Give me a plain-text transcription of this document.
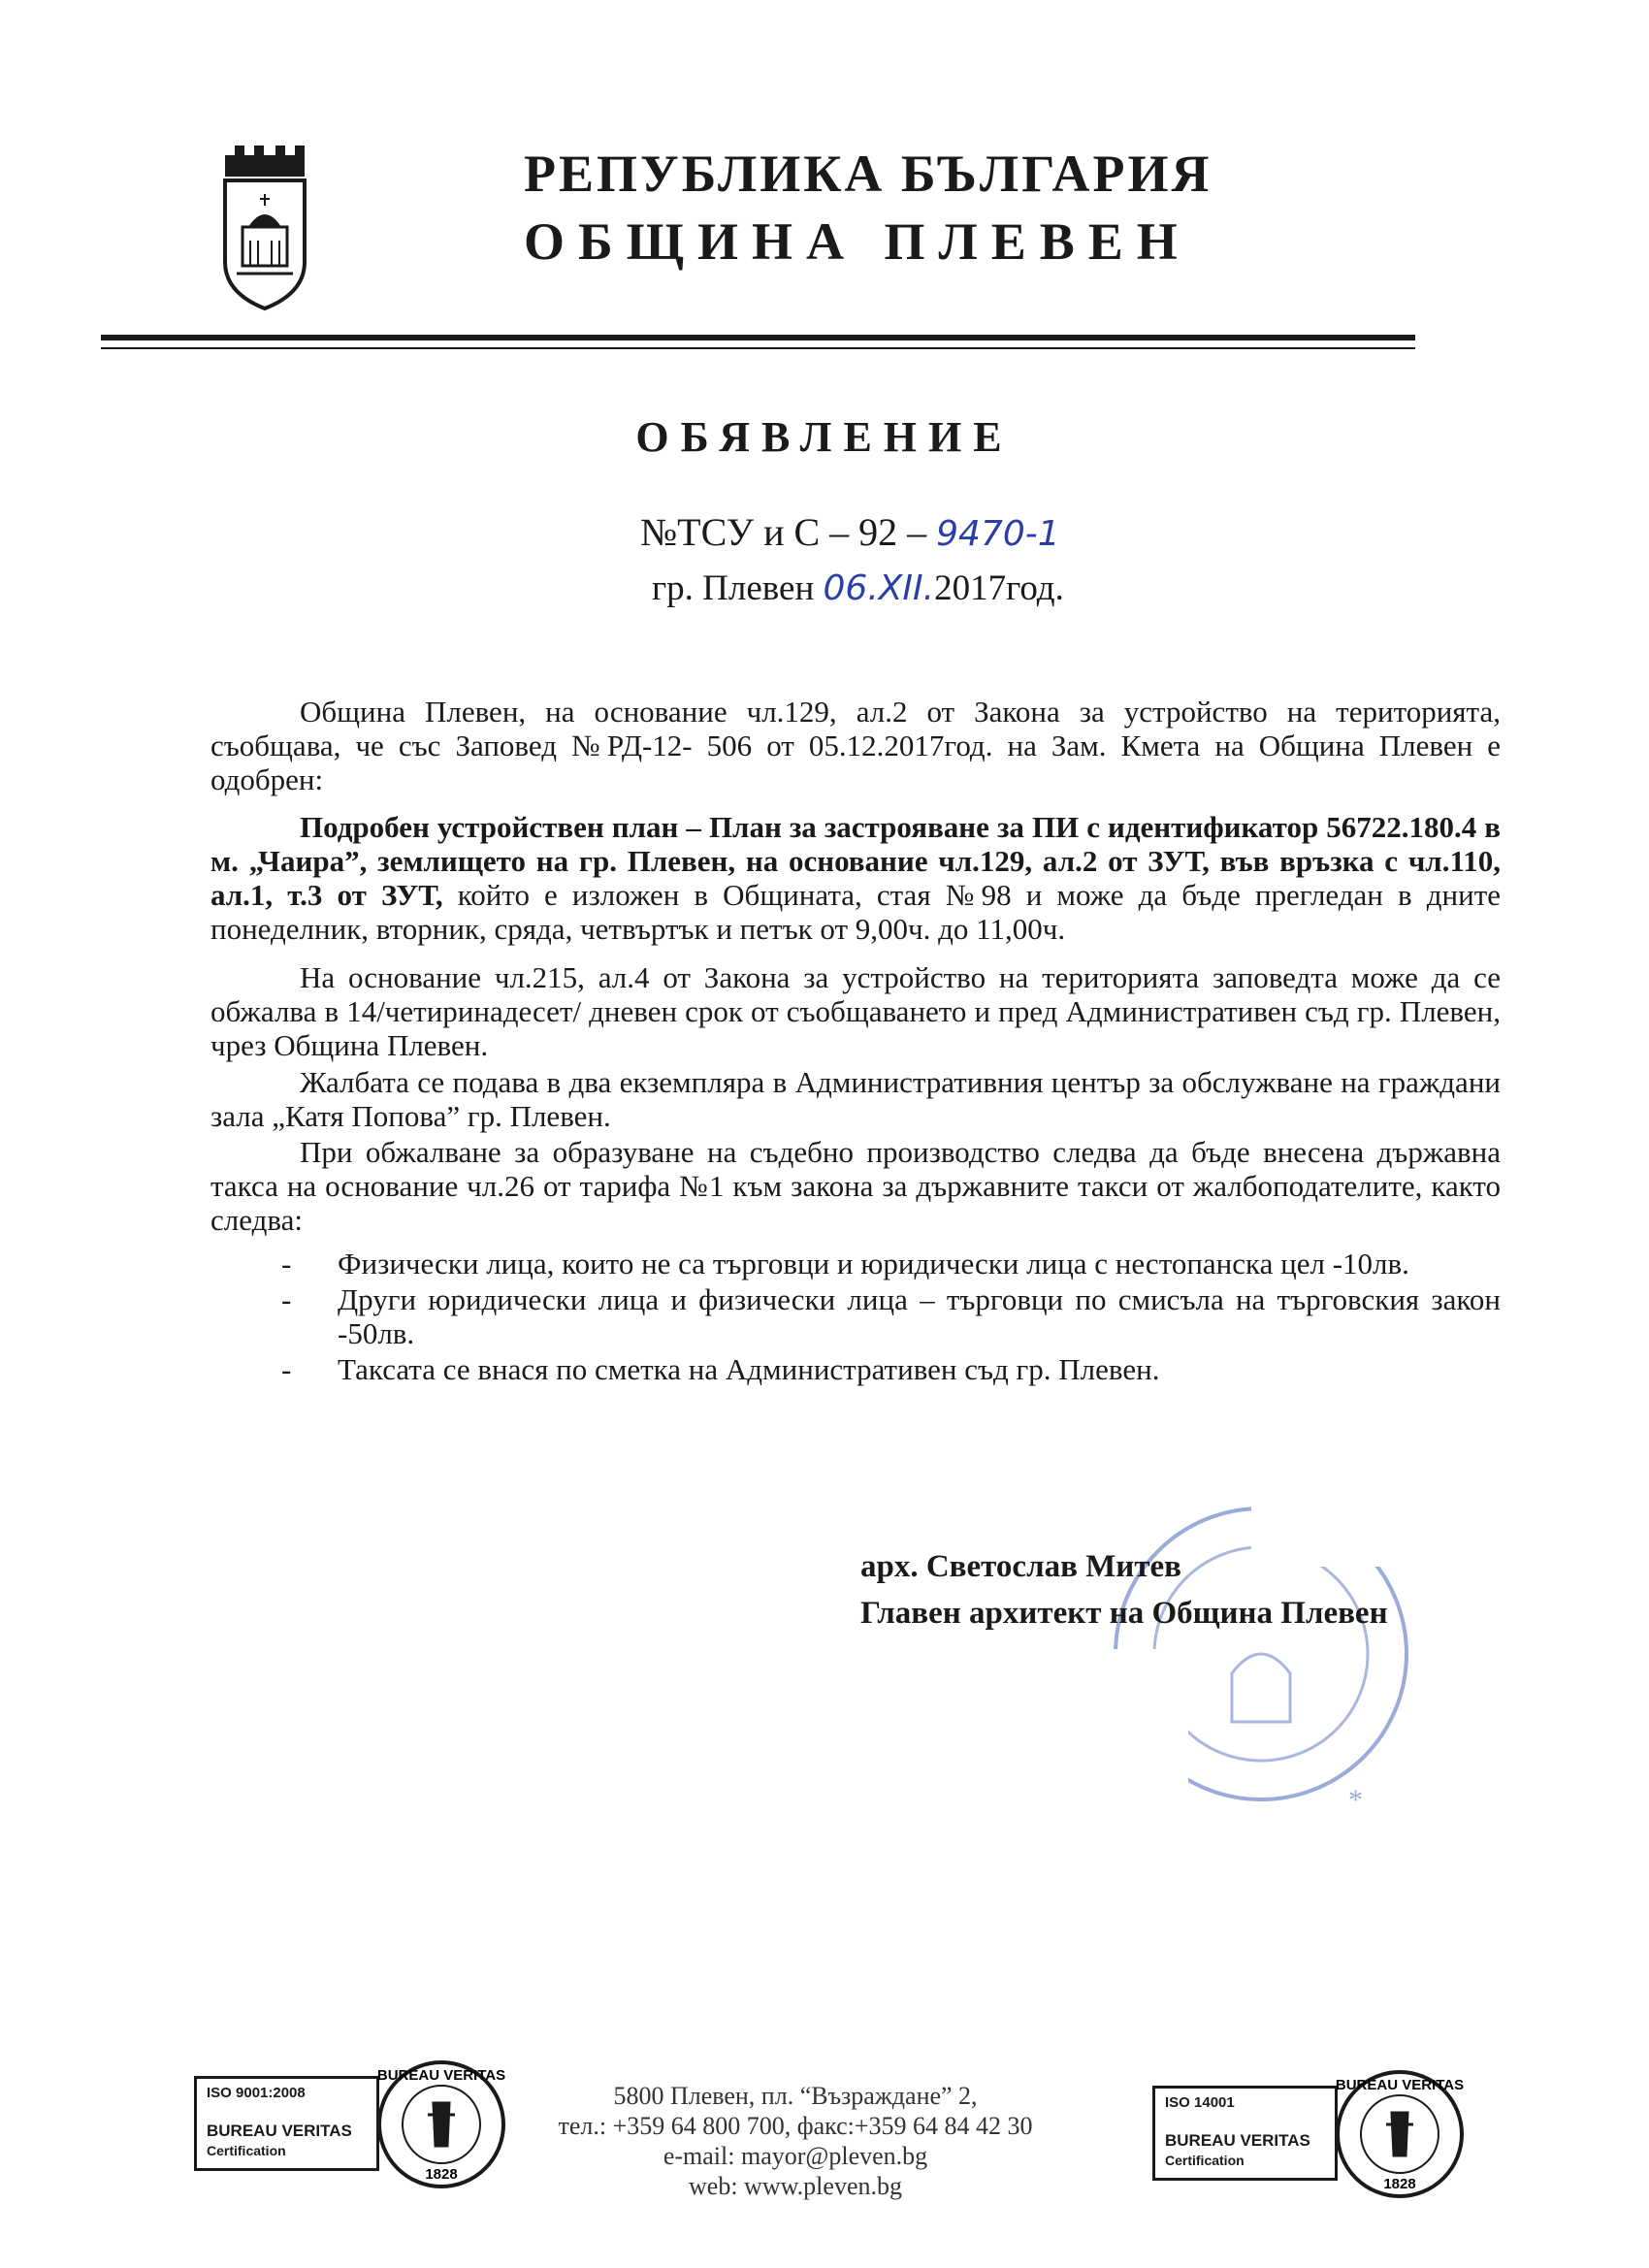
РЕПУБЛИКА БЪЛГАРИЯ
ОБЩИНА ПЛЕВЕН
ОБЯВЛЕНИЕ
№ТСУ и С – 92 – 9470-1
гр. Плевен 06.XII.2017год.
Община Плевен, на основание чл.129, ал.2 от Закона за устройство на територията, съобщава, че със Заповед №РД-12- 506 от 05.12.2017год. на Зам. Кмета на Община Плевен е одобрен:
Подробен устройствен план – План за застрояване за ПИ с идентификатор 56722.180.4 в м. „Чаира”, землището на гр. Плевен, на основание чл.129, ал.2 от ЗУТ, във връзка с чл.110, ал.1, т.3 от ЗУТ, който е изложен в Общината, стая №98 и може да бъде прегледан в дните понеделник, вторник, сряда, четвъртък и петък от 9,00ч. до 11,00ч.
На основание чл.215, ал.4 от Закона за устройство на територията заповедта може да се обжалва в 14/четиринадесет/ дневен срок от съобщаването и пред Административен съд гр. Плевен, чрез Община Плевен.
Жалбата се подава в два екземпляра в Административния център за обслужване на граждани зала „Катя Попова” гр. Плевен.
При обжалване за образуване на съдебно производство следва да бъде внесена държавна такса на основание чл.26 от тарифа №1 към закона за държавните такси от жалбоподателите, както следва:
- Физически лица, които не са търговци и юридически лица с нестопанска цел -10лв.
- Други юридически лица и физически лица – търговци по смисъла на търговския закон -50лв.
- Таксата се внася по сметка на Административен съд гр. Плевен.
*
арх. Светослав Митев
Главен архитект на Община Плевен
ISO 9001:2008
BUREAU VERITAS
Certification
BUREAU VERITAS
1828
5800 Плевен, пл. “Възраждане” 2,
тел.: +359 64 800 700, факс:+359 64 84 42 30
e-mail: mayor@pleven.bg
web: www.pleven.bg
ISO 14001
BUREAU VERITAS
Certification
BUREAU VERITAS
1828
